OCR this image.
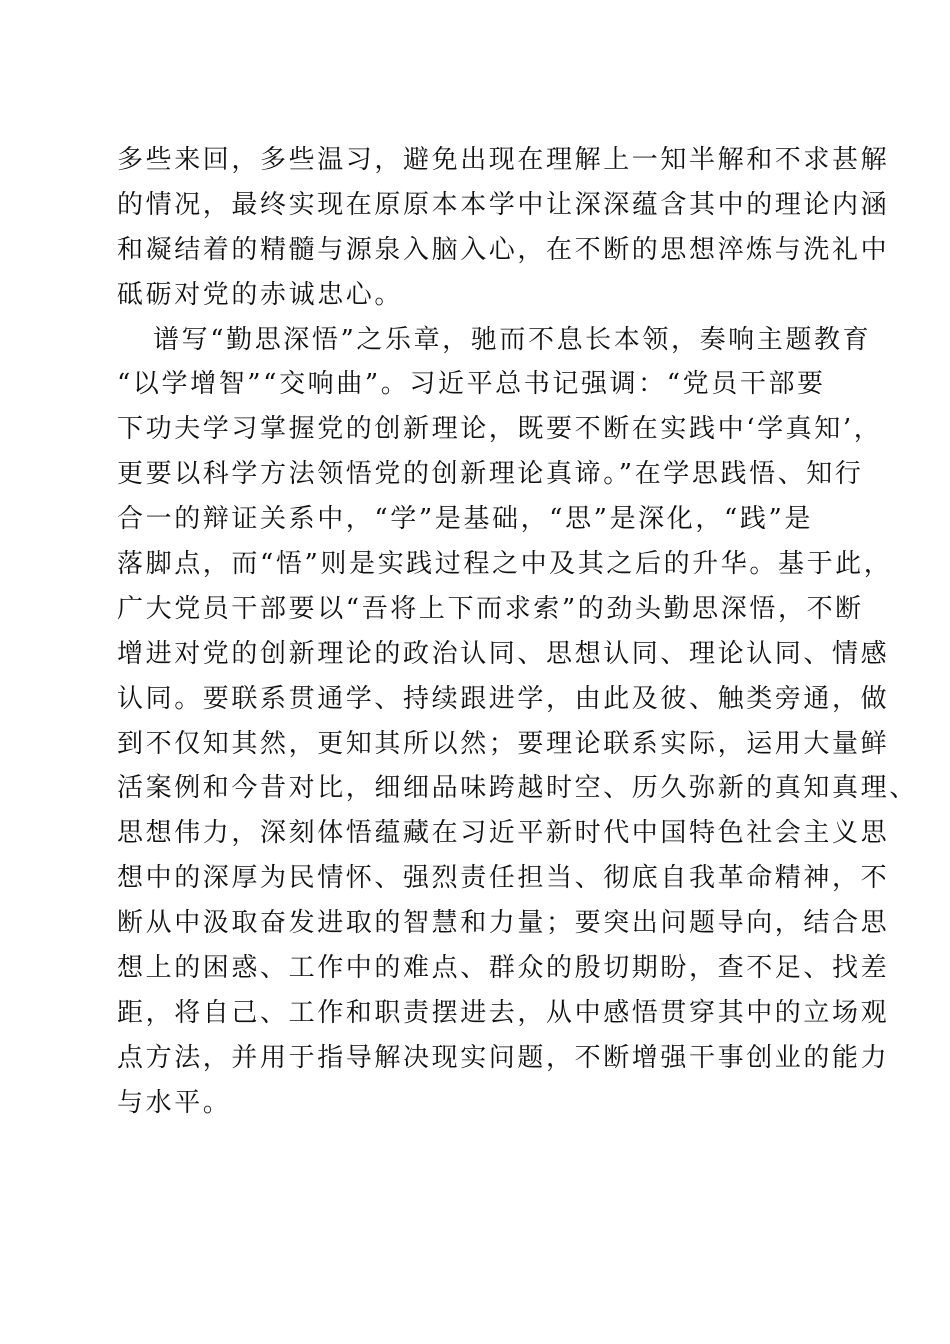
多些来回，多些温习，避免出现在理解上一知半解和不求甚解
的情况，最终实现在原原本本学中让深深蕴含其中的理论内涵
和凝结着的精髓与源泉入脑入心，在不断的思想淬炼与洗礼中
砥砺对党的赤诚忠心。
谱写“勤思深悟”之乐章，驰而不息长本领，奏响主题教育
“以学增智”“交响曲”。习近平总书记强调：“党员干部要
下功夫学习掌握党的创新理论，既要不断在实践中‘学真知’，
更要以科学方法领悟党的创新理论真谛。”在学思践悟、知行
合一的辩证关系中，“学”是基础，“思”是深化，“践”是
落脚点，而“悟”则是实践过程之中及其之后的升华。基于此，
广大党员干部要以“吾将上下而求索”的劲头勤思深悟，不断
增进对党的创新理论的政治认同、思想认同、理论认同、情感
认同。要联系贯通学、持续跟进学，由此及彼、触类旁通，做
到不仅知其然，更知其所以然；要理论联系实际，运用大量鲜
活案例和今昔对比，细细品味跨越时空、历久弥新的真知真理、
思想伟力，深刻体悟蕴藏在习近平新时代中国特色社会主义思
想中的深厚为民情怀、强烈责任担当、彻底自我革命精神，不
断从中汲取奋发进取的智慧和力量；要突出问题导向，结合思
想上的困惑、工作中的难点、群众的殷切期盼，查不足、找差
距，将自己、工作和职责摆进去，从中感悟贯穿其中的立场观
点方法，并用于指导解决现实问题，不断增强干事创业的能力
与水平。
